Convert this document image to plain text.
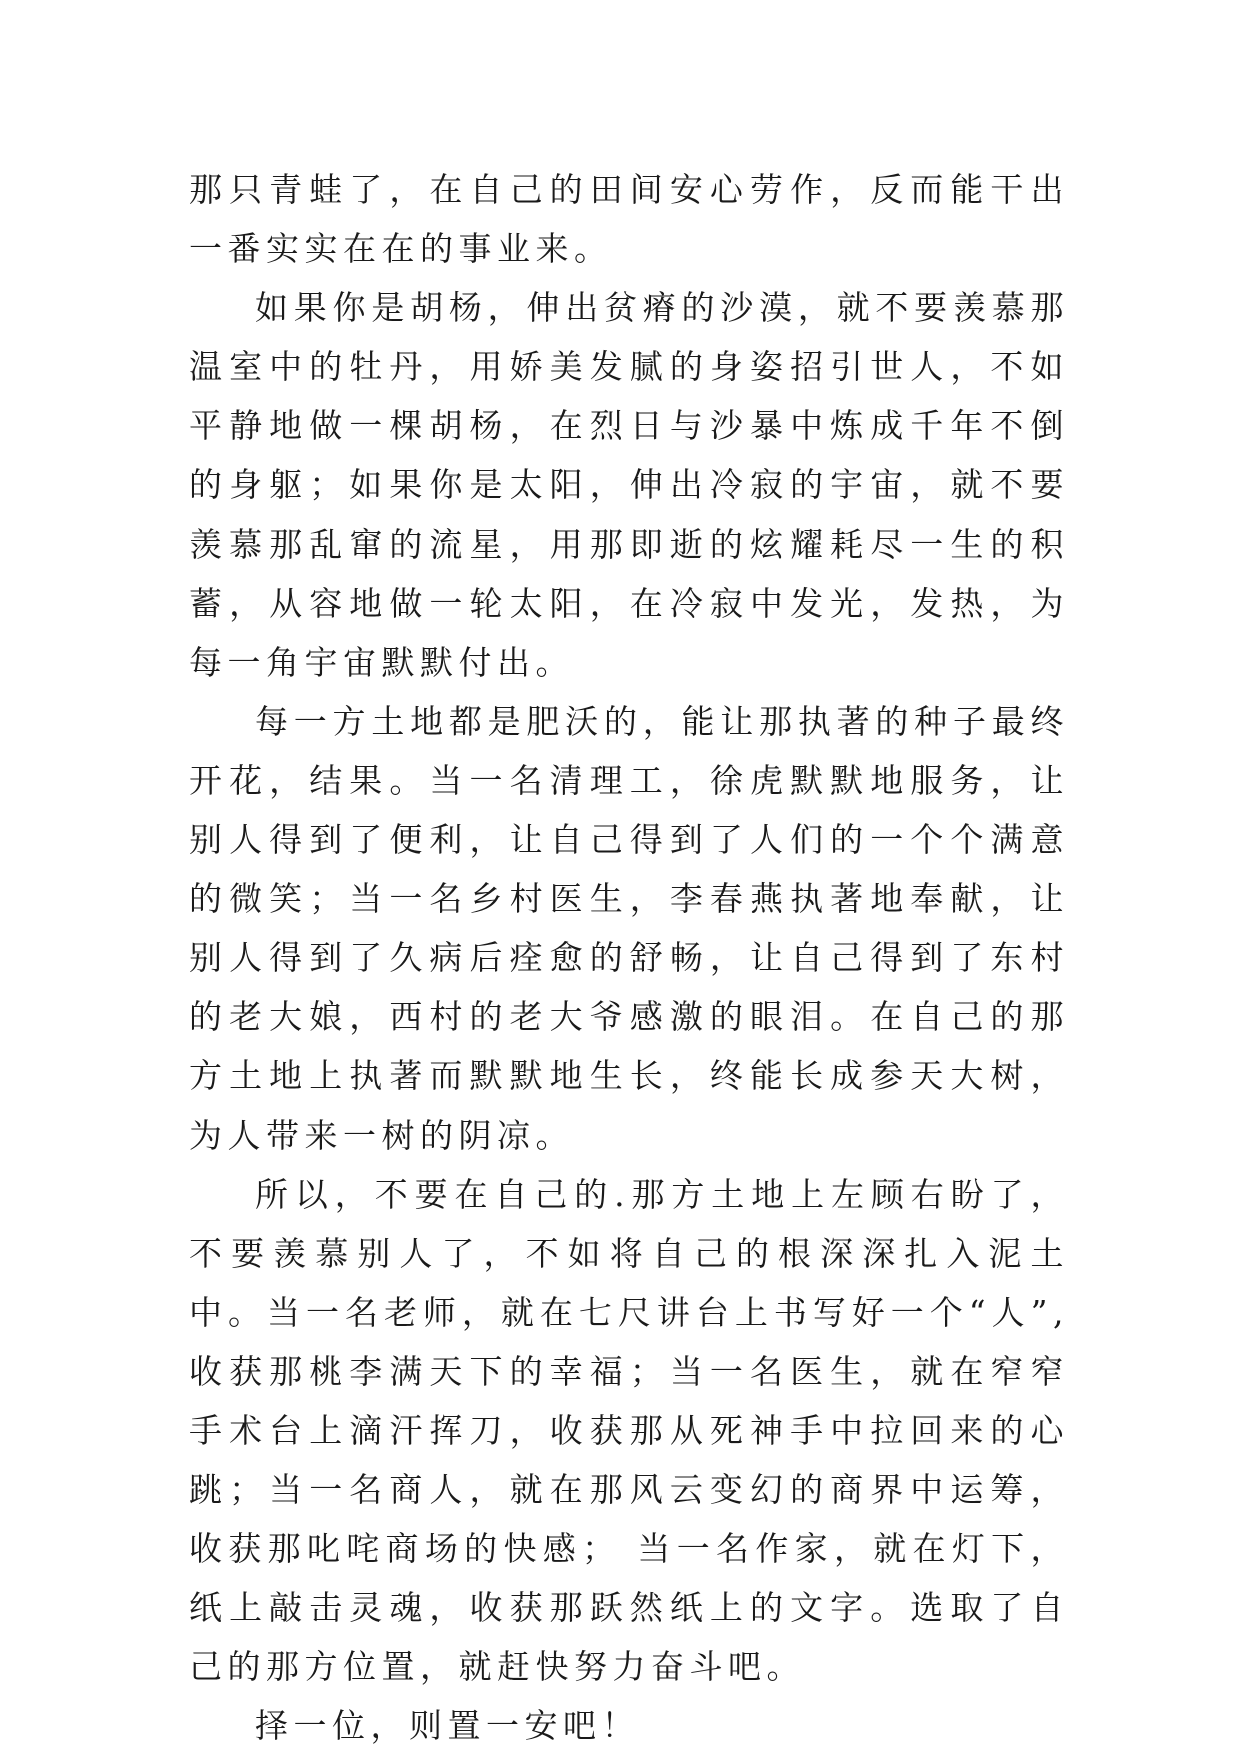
那只青蛙了，在自己的田间安心劳作，反而能干出一番实实在在的事业来。

如果你是胡杨，伸出贫瘠的沙漠，就不要羡慕那温室中的牡丹，用娇美发腻的身姿招引世人，不如平静地做一棵胡杨，在烈日与沙暴中炼成千年不倒的身躯；如果你是太阳，伸出冷寂的宇宙，就不要羡慕那乱窜的流星，用那即逝的炫耀耗尽一生的积蓄，从容地做一轮太阳，在冷寂中发光，发热，为每一角宇宙默默付出。

每一方土地都是肥沃的，能让那执著的种子最终开花，结果。当一名清理工，徐虎默默地服务，让别人得到了便利，让自己得到了人们的一个个满意的微笑；当一名乡村医生，李春燕执著地奉献，让别人得到了久病后痊愈的舒畅，让自己得到了东村的老大娘，西村的老大爷感激的眼泪。在自己的那方土地上执著而默默地生长，终能长成参天大树，为人带来一树的阴凉。

所以，不要在自己的.那方土地上左顾右盼了，不要羡慕别人了，不如将自己的根深深扎入泥土中。当一名老师，就在七尺讲台上书写好一个“人”,收获那桃李满天下的幸福；当一名医生，就在窄窄手术台上滴汗挥刀，收获那从死神手中拉回来的心跳；当一名商人，就在那风云变幻的商界中运筹，收获那叱咤商场的快感； 当一名作家，就在灯下，纸上敲击灵魂，收获那跃然纸上的文字。选取了自己的那方位置，就赶快努力奋斗吧。

择一位，则置一安吧！
